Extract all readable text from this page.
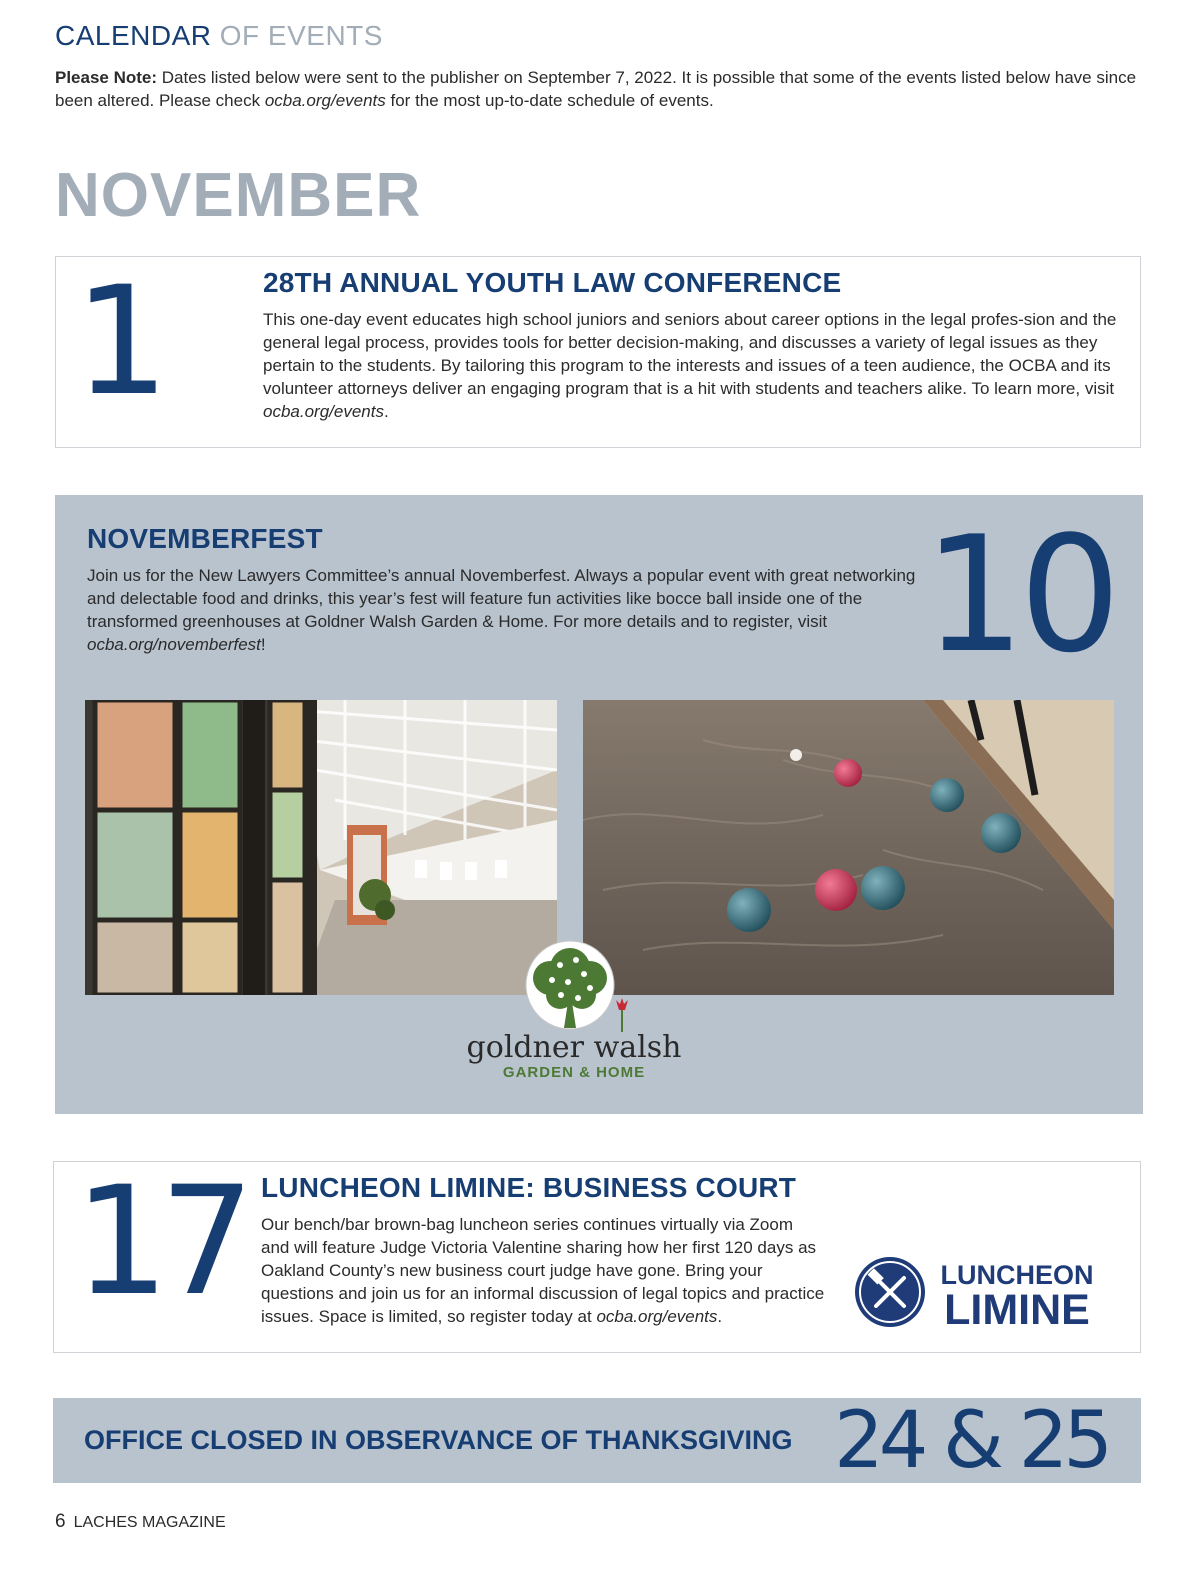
CALENDAR OF EVENTS
Please Note: Dates listed below were sent to the publisher on September 7, 2022. It is possible that some of the events listed below have since been altered. Please check ocba.org/events for the most up-to-date schedule of events.
NOVEMBER
1	28TH ANNUAL YOUTH LAW CONFERENCE
This one-day event educates high school juniors and seniors about career options in the legal profes-sion and the general legal process, provides tools for better decision-making, and discusses a variety of legal issues as they pertain to the students. By tailoring this program to the interests and issues of a teen audience, the OCBA and its volunteer attorneys deliver an engaging program that is a hit with students and teachers alike. To learn more, visit ocba.org/events.
NOVEMBERFEST
Join us for the New Lawyers Committee’s annual Novemberfest. Always a popular event with great networking and delectable food and drinks, this year’s fest will feature fun activities like bocce ball inside one of the transformed greenhouses at Goldner Walsh Garden & Home. For more details and to register, visit ocba.org/novemberfest!	10
goldner walsh
GARDEN & HOME
17 LUNCHEON LIMINE: BUSINESS COURT
Our bench/bar brown-bag luncheon series continues virtually via Zoom and will feature Judge Victoria Valentine sharing how her first 120 days as Oakland County’s new business court judge have gone. Bring your questions and join us for an informal discussion of legal topics and practice issues. Space is limited, so register today at ocba.org/events.
LUNCHEON
LIMINE
OFFICE CLOSED IN OBSERVANCE OF THANKSGIVING 24 & 25
6 LACHES MAGAZINE
